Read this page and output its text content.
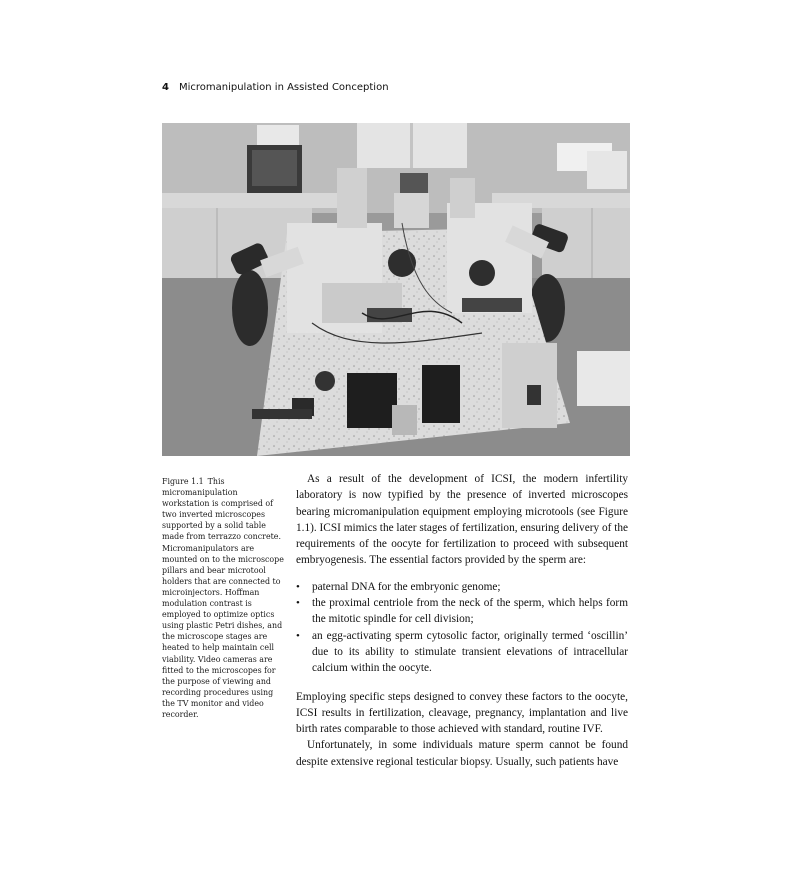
4 Micromanipulation in Assisted Conception
Figure 1.1 This micromanipulation workstation is comprised of two inverted microscopes supported by a solid table made from terrazzo concrete. Micromanipulators are mounted on to the microscope pillars and bear microtool holders that are connected to microinjectors. Hoffman modulation contrast is employed to optimize optics using plastic Petri dishes, and the microscope stages are heated to help maintain cell viability. Video cameras are fitted to the microscopes for the purpose of viewing and recording procedures using the TV monitor and video recorder.

As a result of the development of ICSI, the modern infertility laboratory is now typified by the presence of inverted microscopes bearing micromanipulation equipment employing microtools (see Figure 1.1). ICSI mimics the later stages of fertilization, ensuring delivery of the requirements of the oocyte for fertilization to proceed with subsequent embryogenesis. The essential factors provided by the sperm are:

• paternal DNA for the embryonic genome;
• the proximal centriole from the neck of the sperm, which helps form the mitotic spindle for cell division;
• an egg-activating sperm cytosolic factor, originally termed ‘oscillin’ due to its ability to stimulate transient elevations of intracellular calcium within the oocyte.

Employing specific steps designed to convey these factors to the oocyte, ICSI results in fertilization, cleavage, pregnancy, implantation and live birth rates comparable to those achieved with standard, routine IVF.

Unfortunately, in some individuals mature sperm cannot be found despite extensive regional testicular biopsy. Usually, such patients have
